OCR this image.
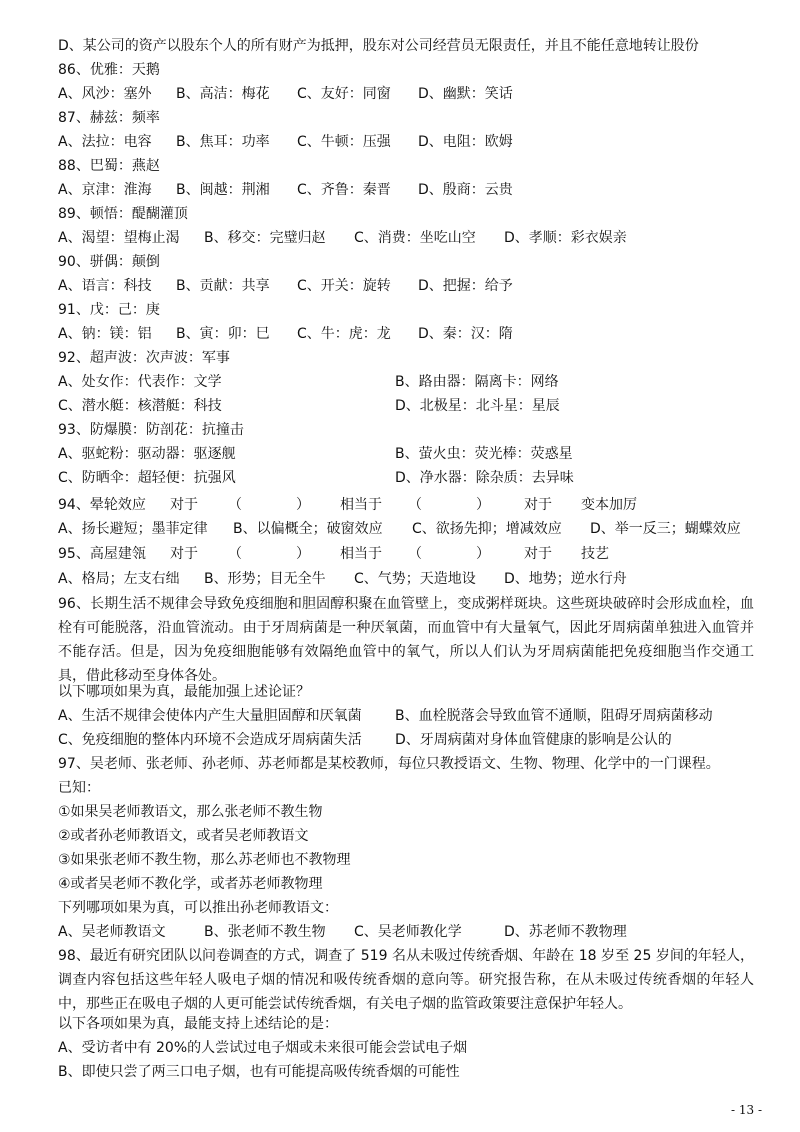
D、某公司的资产以股东个人的所有财产为抵押，股东对公司经营员无限责任，并且不能任意地转让股份
86、优雅：天鹅
A、风沙：塞外 B、高洁：梅花 C、友好：同窗 D、幽默：笑话
87、赫兹：频率
A、法拉：电容 B、焦耳：功率 C、牛顿：压强 D、电阻：欧姆
88、巴蜀：燕赵
A、京津：淮海 B、闽越：荆湘 C、齐鲁：秦晋 D、殷商：云贵
89、顿悟：醍醐灌顶
A、渴望：望梅止渴 B、移交：完璧归赵 C、消费：坐吃山空 D、孝顺：彩衣娱亲
90、骈偶：颠倒
A、语言：科技 B、贡献：共享 C、开关：旋转 D、把握：给予
91、戊：己：庚
A、钠：镁：铝 B、寅：卯：巳 C、牛：虎：龙 D、秦：汉：隋
92、超声波：次声波：军事
A、处女作：代表作：文学	B、路由器：隔离卡：网络
C、潜水艇：核潜艇：科技	D、北极星：北斗星：星辰
93、防爆膜：防剖花：抗撞击
A、驱蛇粉：驱动器：驱逐舰	B、萤火虫：荧光棒：荧惑星
C、防晒伞：超轻便：抗强风	D、净水器：除杂质：去异味
94、晕轮效应 对于 （	） 相当于 （	） 对于 变本加厉
A、扬长避短；墨菲定律 B、以偏概全；破窗效应 C、欲扬先抑；增减效应 D、举一反三；蝴蝶效应
95、高屋建瓴 对于 （	） 相当于 （	） 对于 技艺
A、格局；左支右绌 B、形势；目无全牛 C、气势；天造地设 D、地势；逆水行舟
96、长期生活不规律会导致免疫细胞和胆固醇积聚在血管壁上，变成粥样斑块。这些斑块破碎时会形成血栓，血栓有可能脱落，沿血管流动。由于牙周病菌是一种厌氧菌，而血管中有大量氧气，因此牙周病菌单独进入血管并不能存活。但是，因为免疫细胞能够有效隔绝血管中的氧气，所以人们认为牙周病菌能把免疫细胞当作交通工具，借此移动至身体各处。
以下哪项如果为真，最能加强上述论证？
A、生活不规律会使体内产生大量胆固醇和厌氧菌 B、血栓脱落会导致血管不通顺，阻碍牙周病菌移动
C、免疫细胞的整体内环境不会造成牙周病菌失活 D、牙周病菌对身体血管健康的影响是公认的
97、吴老师、张老师、孙老师、苏老师都是某校教师，每位只教授语文、生物、物理、化学中的一门课程。
已知：
①如果吴老师教语文，那么张老师不教生物
②或者孙老师教语文，或者吴老师教语文
③如果张老师不教生物，那么苏老师也不教物理
④或者吴老师不教化学，或者苏老师教物理
下列哪项如果为真，可以推出孙老师教语文：
A、吴老师教语文	B、张老师不教生物 C、吴老师教化学	D、苏老师不教物理
98、最近有研究团队以问卷调查的方式，调查了 519 名从未吸过传统香烟、年龄在 18 岁至 25 岁间的年轻人，调查内容包括这些年轻人吸电子烟的情况和吸传统香烟的意向等。研究报告称，在从未吸过传统香烟的年轻人中，那些正在吸电子烟的人更可能尝试传统香烟，有关电子烟的监管政策要注意保护年轻人。
以下各项如果为真，最能支持上述结论的是：
A、受访者中有 20%的人尝试过电子烟或未来很可能会尝试电子烟
B、即使只尝了两三口电子烟，也有可能提高吸传统香烟的可能性
- 13 -
